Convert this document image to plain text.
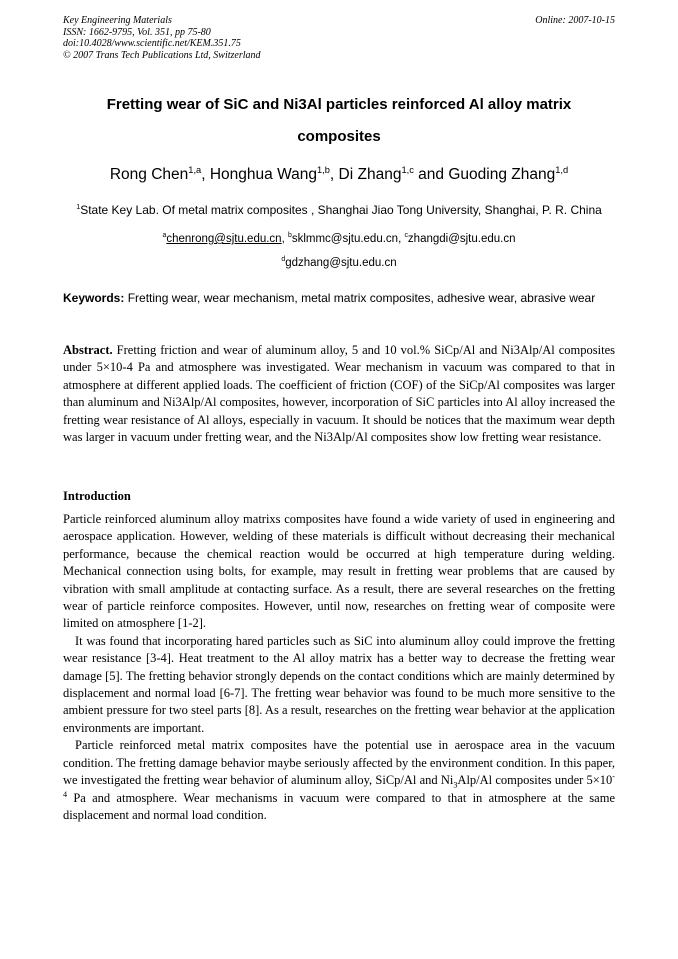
Key Engineering Materials
ISSN: 1662-9795, Vol. 351, pp 75-80
doi:10.4028/www.scientific.net/KEM.351.75
© 2007 Trans Tech Publications Ltd, Switzerland
Online: 2007-10-15
Fretting wear of SiC and Ni3Al particles reinforced Al alloy matrix
composites
Rong Chen$^{1,a}$, Honghua Wang$^{1,b}$, Di Zhang$^{1,c}$ and Guoding Zhang$^{1,d}$
$^1$State Key Lab. Of metal matrix composites , Shanghai Jiao Tong University, Shanghai, P. R. China
$^a$chenrong@sjtu.edu.cn, $^b$sklmmc@sjtu.edu.cn, $^c$zhangdi@sjtu.edu.cn
$^d$gdzhang@sjtu.edu.cn
Keywords: Fretting wear, wear mechanism, metal matrix composites, adhesive wear, abrasive wear
Abstract. Fretting friction and wear of aluminum alloy, 5 and 10 vol.% SiCp/Al and Ni3Alp/Al composites under 5×10-4 Pa and atmosphere was investigated. Wear mechanism in vacuum was compared to that in atmosphere at different applied loads. The coefficient of friction (COF) of the SiCp/Al composites was larger than aluminum and Ni3Alp/Al composites, however, incorporation of SiC particles into Al alloy increased the fretting wear resistance of Al alloys, especially in vacuum. It should be notices that the maximum wear depth was larger in vacuum under fretting wear, and the Ni3Alp/Al composites show low fretting wear resistance.
Introduction

Particle reinforced aluminum alloy matrixs composites have found a wide variety of used in engineering and aerospace application. However, welding of these materials is difficult without decreasing their mechanical performance, because the chemical reaction would be occurred at high temperature during welding. Mechanical connection using bolts, for example, may result in fretting wear problems that are caused by vibration with small amplitude at contacting surface. As a result, there are several researches on the fretting wear of particle reinforce composites. However, until now, researches on fretting wear of composite were limited on atmosphere [1-2].

It was found that incorporating hared particles such as SiC into aluminum alloy could improve the fretting wear resistance [3-4]. Heat treatment to the Al alloy matrix has a better way to decrease the fretting wear damage [5]. The fretting behavior strongly depends on the contact conditions which are mainly determined by displacement and normal load [6-7]. The fretting wear behavior was found to be much more sensitive to the ambient pressure for two steel parts [8]. As a result, researches on the fretting wear behavior at the application environments are important.

Particle reinforced metal matrix composites have the potential use in aerospace area in the vacuum condition. The fretting damage behavior maybe seriously affected by the environment condition. In this paper, we investigated the fretting wear behavior of aluminum alloy, SiCp/Al and $Ni_3Alp/Al$ composites under $5\times 10^{-4}$ Pa and atmosphere. Wear mechanisms in vacuum were compared to that in atmosphere at the same displacement and normal load condition.
